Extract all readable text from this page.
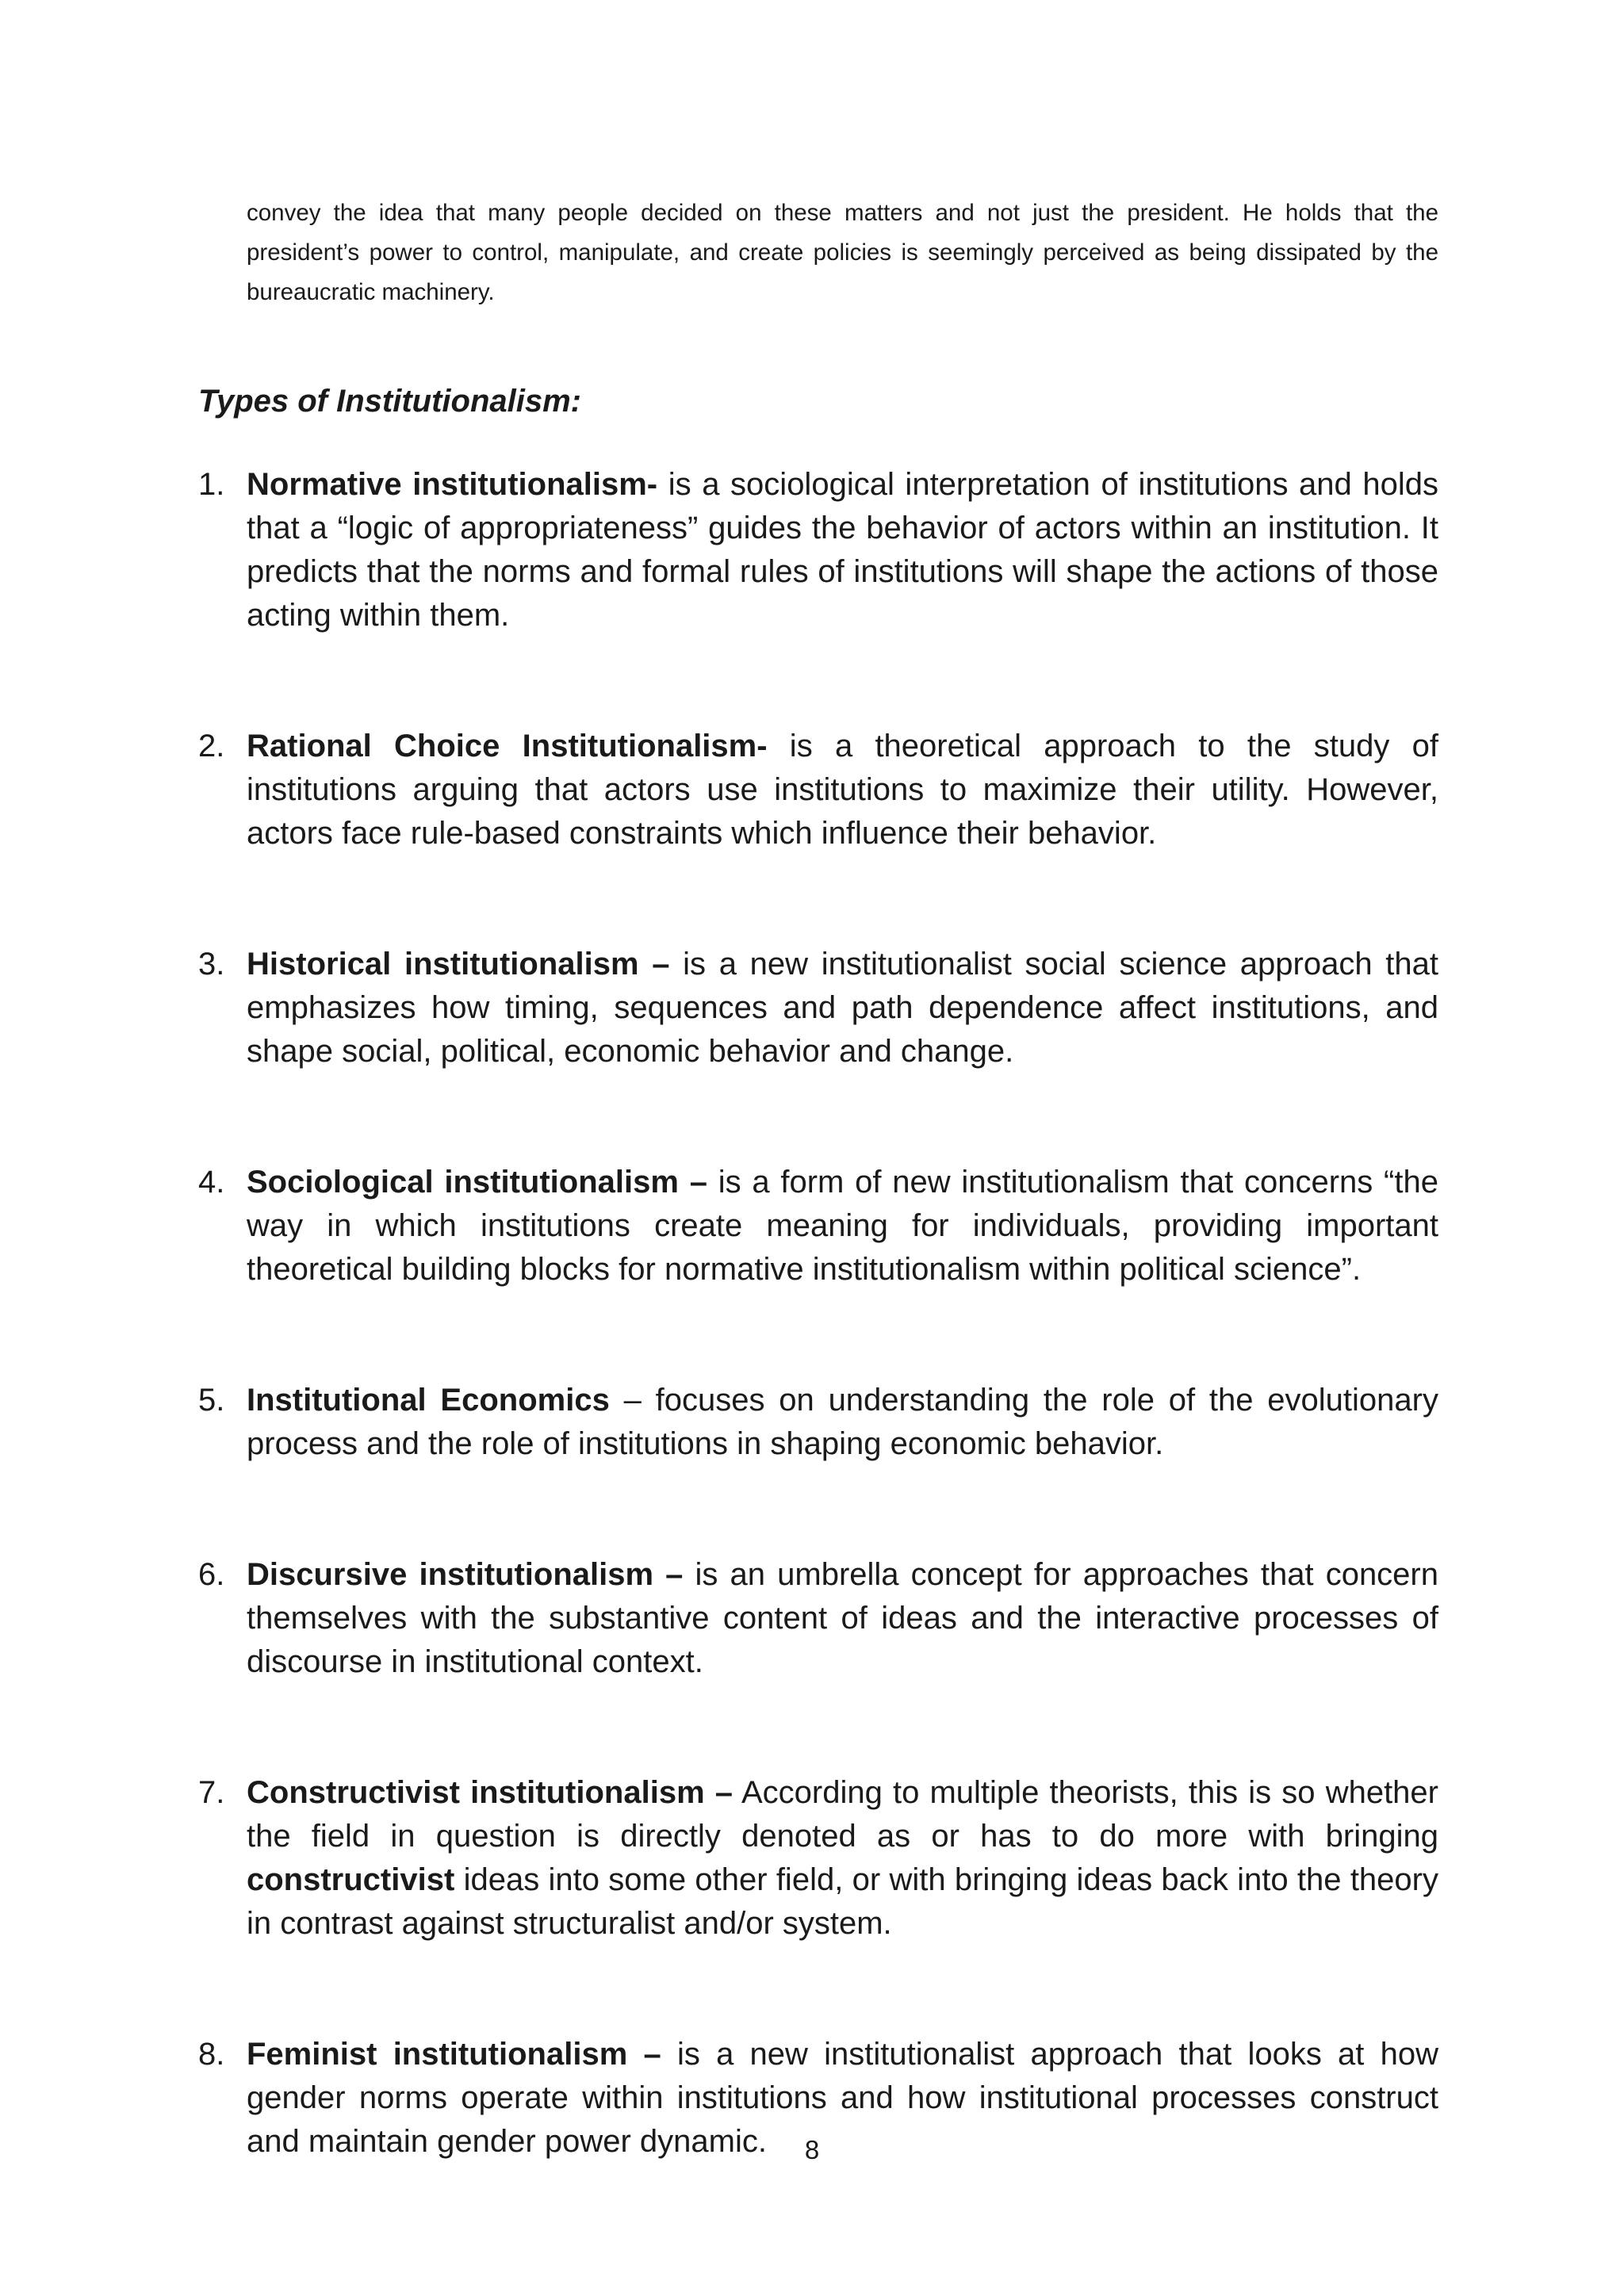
convey the idea that many people decided on these matters and not just the president. He holds that the president’s power to control, manipulate, and create policies is seemingly perceived as being dissipated by the bureaucratic machinery.

Types of Institutionalism:
1. Normative institutionalism- is a sociological interpretation of institutions and holds that a “logic of appropriateness” guides the behavior of actors within an institution. It predicts that the norms and formal rules of institutions will shape the actions of those acting within them.
2. Rational Choice Institutionalism- is a theoretical approach to the study of institutions arguing that actors use institutions to maximize their utility. However, actors face rule-based constraints which influence their behavior.
3. Historical institutionalism – is a new institutionalist social science approach that emphasizes how timing, sequences and path dependence affect institutions, and shape social, political, economic behavior and change.
4. Sociological institutionalism – is a form of new institutionalism that concerns “the way in which institutions create meaning for individuals, providing important theoretical building blocks for normative institutionalism within political science”.
5. Institutional Economics – focuses on understanding the role of the evolutionary process and the role of institutions in shaping economic behavior.
6. Discursive institutionalism – is an umbrella concept for approaches that concern themselves with the substantive content of ideas and the interactive processes of discourse in institutional context.
7. Constructivist institutionalism – According to multiple theorists, this is so whether the field in question is directly denoted as or has to do more with bringing constructivist ideas into some other field, or with bringing ideas back into the theory in contrast against structuralist and/or system.
8. Feminist institutionalism – is a new institutionalist approach that looks at how gender norms operate within institutions and how institutional processes construct and maintain gender power dynamic.	8
